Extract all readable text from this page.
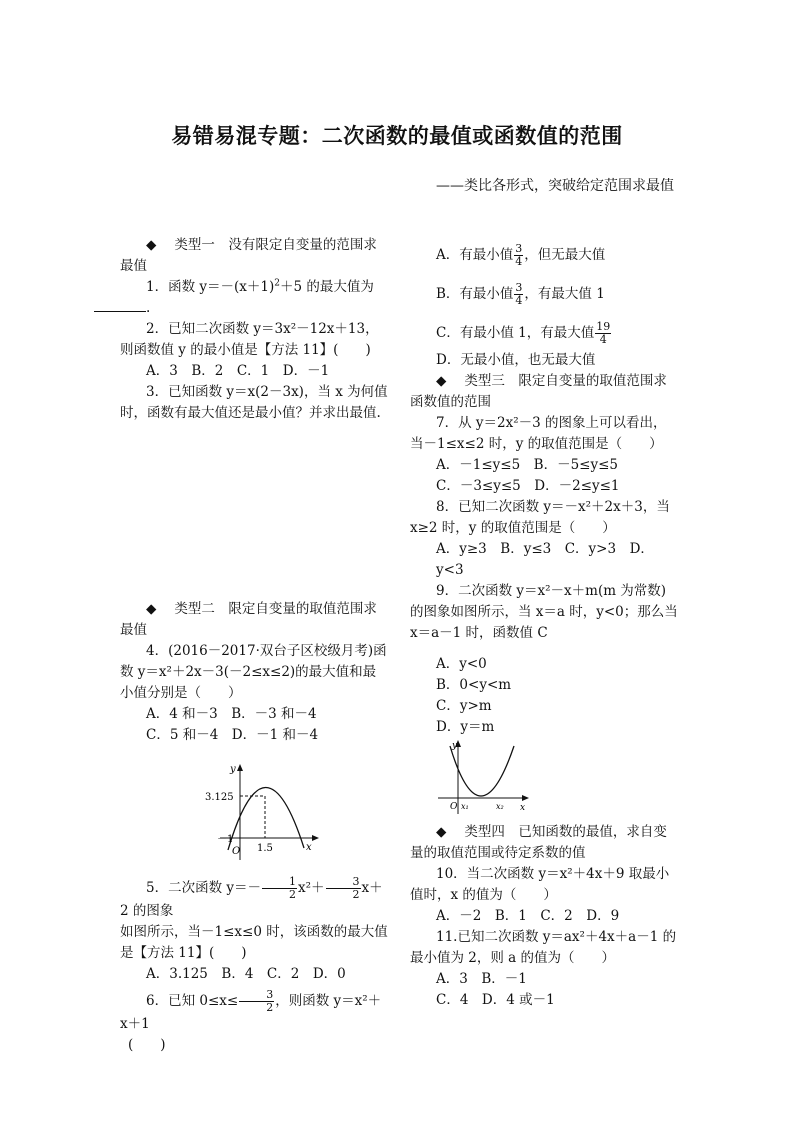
易错易混专题：二次函数的最值或函数值的范围
——类比各形式，突破给定范围求最值

◆ 类型一　没有限定自变量的范围求最值

1．函数 $y=-(x+1)^2+5$ 的最大值为
.

2．已知二次函数 y＝3x²－12x＋13，则函数值 y 的最小值是【方法 11】(　　)

A．3　B．2　C．1　D．－1

3．已知函数 y＝x(2－3x)，当 x 为何值时，函数有最大值还是最小值？并求出最值.

◆ 类型二　限定自变量的取值范围求最值

4．(2016－2017·双台子区校级月考)函数 y＝x²＋2x－3(－2≤x≤2)的最大值和最小值分别是（　　）

A．4 和－3　B．－3 和－4

C．5 和－4　D．－1 和－4

y
x
3.125
1.5
－1
O

5．二次函数 $y=- \frac{1}{2} x^2+ \frac{3}{2} x+2$ 的图象

如图所示，当－1≤x≤0 时，该函数的最大值是【方法 11】(　　)

A．3.125　B．4　C．2　D．0

6．已知 $0\le x\le \frac{3}{2}$ ，则函数 y＝x²＋x＋1

(　　)

A．有最小值 $\frac{3}{4}$ ，但无最大值

B．有最小值 $\frac{3}{4}$ ，有最大值 1

C．有最小值 1，有最大值 $\frac{19}{4}$

D．无最小值，也无最大值

◆ 类型三　限定自变量的取值范围求函数值的范围

7．从 y＝2x²－3 的图象上可以看出，当－1≤x≤2 时，y 的取值范围是（　　）

A．－1≤y≤5　B．－5≤y≤5

C．－3≤y≤5　D．－2≤y≤1

8．已知二次函数 y＝－x²＋2x＋3，当 x≥2 时，y 的取值范围是（　　）

A．y≥3　B．y≤3　C．y>3　D．y<3

9．二次函数 y＝x²－x＋m(m 为常数)的图象如图所示，当 x＝a 时，y<0；那么当 x＝a－1 时，函数值 C

A．y<0

B．0<y<m

C．y>m

D．y＝m

y
x
O x₁	x₂

◆ 类型四　已知函数的最值，求自变量的取值范围或待定系数的值

10．当二次函数 y＝x²＋4x＋9 取最小值时，x 的值为（　　）

A．－2　B．1　C．2　D．9

11.已知二次函数 y＝ax²＋4x＋a－1 的最小值为 2，则 a 的值为（　　）

A．3　B．－1

C．4　D．4 或－1
